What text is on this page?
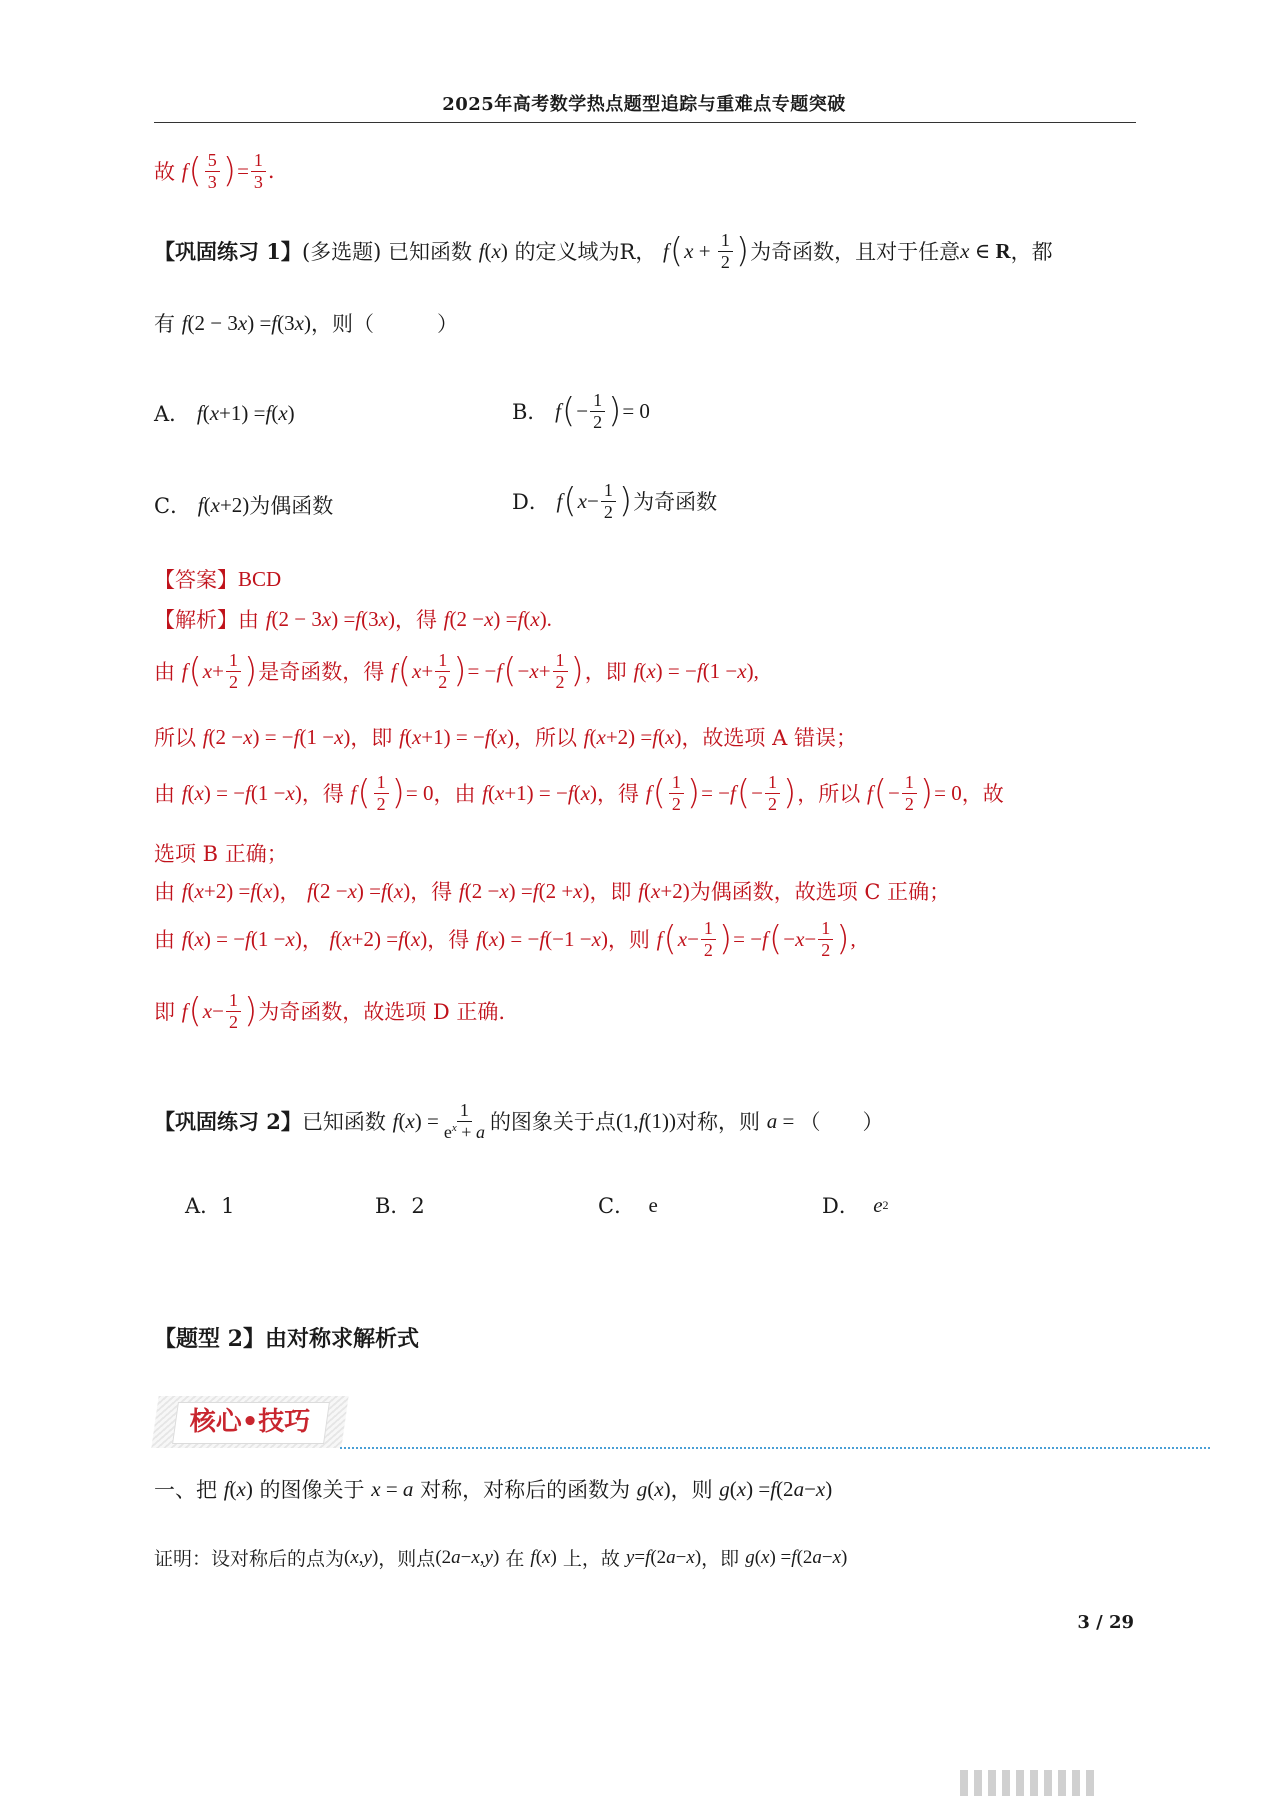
2025年高考数学热点题型追踪与重难点专题突破
故
f ( $\frac{5}{3}$ ) = $\frac{1}{3}$ .
【巩固练习 1】 (多选题) 已知函数
f ( x )
的定义域为R，
f ( $x + \frac{1}{2}$ ) 为奇函数，且对于任意 x ∈ R ，都
有
f (2 − 3 x ) = f (3 x ) ，则（　　　）
A．
f ( x +1) = f ( x )	B．
f ( − $\frac{1}{2}$ ) = 0
C．
f ( x +2) 为偶函数	D．
f ( $x - \frac{1}{2}$ ) 为奇函数
【答案】 BCD
【解析】 由
f (2 − 3 x ) = f (3 x ) ，得
f (2 − x ) = f ( x ).
由
f ( $x + \frac{1}{2}$ ) 是奇函数，得
f ( $x + \frac{1}{2}$ ) = − f ( − $x + \frac{1}{2}$ ) ，即
f ( x ) = − f (1 − x ),
所以
f (2 − x ) = − f (1 − x ) ，即
f ( x +1) = − f ( x ) ，所以
f ( x +2) = f ( x ) ，故选项 A 错误；
由
f ( x ) = − f (1 − x ) ，得
f ( $\frac{1}{2}$ ) = 0 ，由
f ( x +1) = − f ( x ) ，得
f ( $\frac{1}{2}$ ) = − f ( − $\frac{1}{2}$ ) ，所以
f ( − $\frac{1}{2}$ ) = 0 ，故
选项 B 正确；
由
f ( x +2) = f ( x ) ，
f (2 − x ) = f ( x ) ，得
f (2 − x ) = f (2 + x ) ，即
f ( x +2) 为偶函数，故选项 C 正确；
由
f ( x ) = − f (1 − x ) ，
f ( x +2) = f ( x ) ，得
f ( x ) = − f (−1 − x ) ，则
f ( $x - \frac{1}{2}$ ) = − f ( − $x - \frac{1}{2}$ ) ,
即
f ( $x - \frac{1}{2}$ ) 为奇函数，故选项 D 正确.
【巩固练习 2】 已知函数
f ( x ) = $\frac{1}{e^x + a}$ 的图象关于点 (1, f (1)) 对称，则
a = （　　）
A．1	B．2	C．
e	D．
e 2
【题型 2】由对称求解析式
核心•技巧
一、把
f ( x )
的图像关于
x = a
对称，对称后的函数为
g ( x ) ，则
g ( x ) = f (2 a − x )
证明：设对称后的点为 ( x , y ) ，则点 (2 a − x , y )
在
f ( x )
上，故
y = f (2 a − x ) ，即
g ( x ) = f (2 a − x )
3 / 29
